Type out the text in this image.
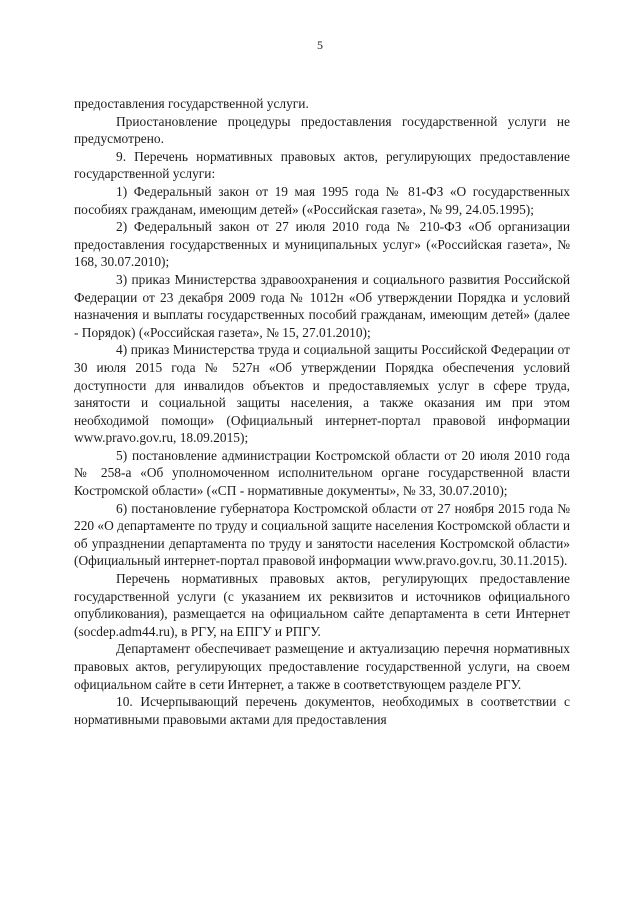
5

предоставления государственной услуги.

Приостановление процедуры предоставления государственной услуги не предусмотрено.

9. Перечень нормативных правовых актов, регулирующих предоставление государственной услуги:

1) Федеральный закон от 19 мая 1995 года № 81-ФЗ «О государственных пособиях гражданам, имеющим детей» («Российская газета», № 99, 24.05.1995);

2) Федеральный закон от 27 июля 2010 года № 210-ФЗ «Об организации предоставления государственных и муниципальных услуг» («Российская газета», № 168, 30.07.2010);

3) приказ Министерства здравоохранения и социального развития Российской Федерации от 23 декабря 2009 года № 1012н «Об утверждении Порядка и условий назначения и выплаты государственных пособий гражданам, имеющим детей» (далее - Порядок) («Российская газета», № 15, 27.01.2010);

4) приказ Министерства труда и социальной защиты Российской Федерации от 30 июля 2015 года № 527н «Об утверждении Порядка обеспечения условий доступности для инвалидов объектов и предоставляемых услуг в сфере труда, занятости и социальной защиты населения, а также оказания им при этом необходимой помощи» (Официальный интернет-портал правовой информации www.pravo.gov.ru, 18.09.2015);

5) постановление администрации Костромской области от 20 июля 2010 года № 258-а «Об уполномоченном исполнительном органе государственной власти Костромской области» («СП - нормативные документы», № 33, 30.07.2010);

6) постановление губернатора Костромской области от 27 ноября 2015 года № 220 «О департаменте по труду и социальной защите населения Костромской области и об упразднении департамента по труду и занятости населения Костромской области» (Официальный интернет-портал правовой информации www.pravo.gov.ru, 30.11.2015).

Перечень нормативных правовых актов, регулирующих предоставление государственной услуги (с указанием их реквизитов и источников официального опубликования), размещается на официальном сайте департамента в сети Интернет (socdep.adm44.ru), в РГУ, на ЕПГУ и РПГУ.

Департамент обеспечивает размещение и актуализацию перечня нормативных правовых актов, регулирующих предоставление государственной услуги, на своем официальном сайте в сети Интернет, а также в соответствующем разделе РГУ.

10. Исчерпывающий перечень документов, необходимых в соответствии с нормативными правовыми актами для предоставления
